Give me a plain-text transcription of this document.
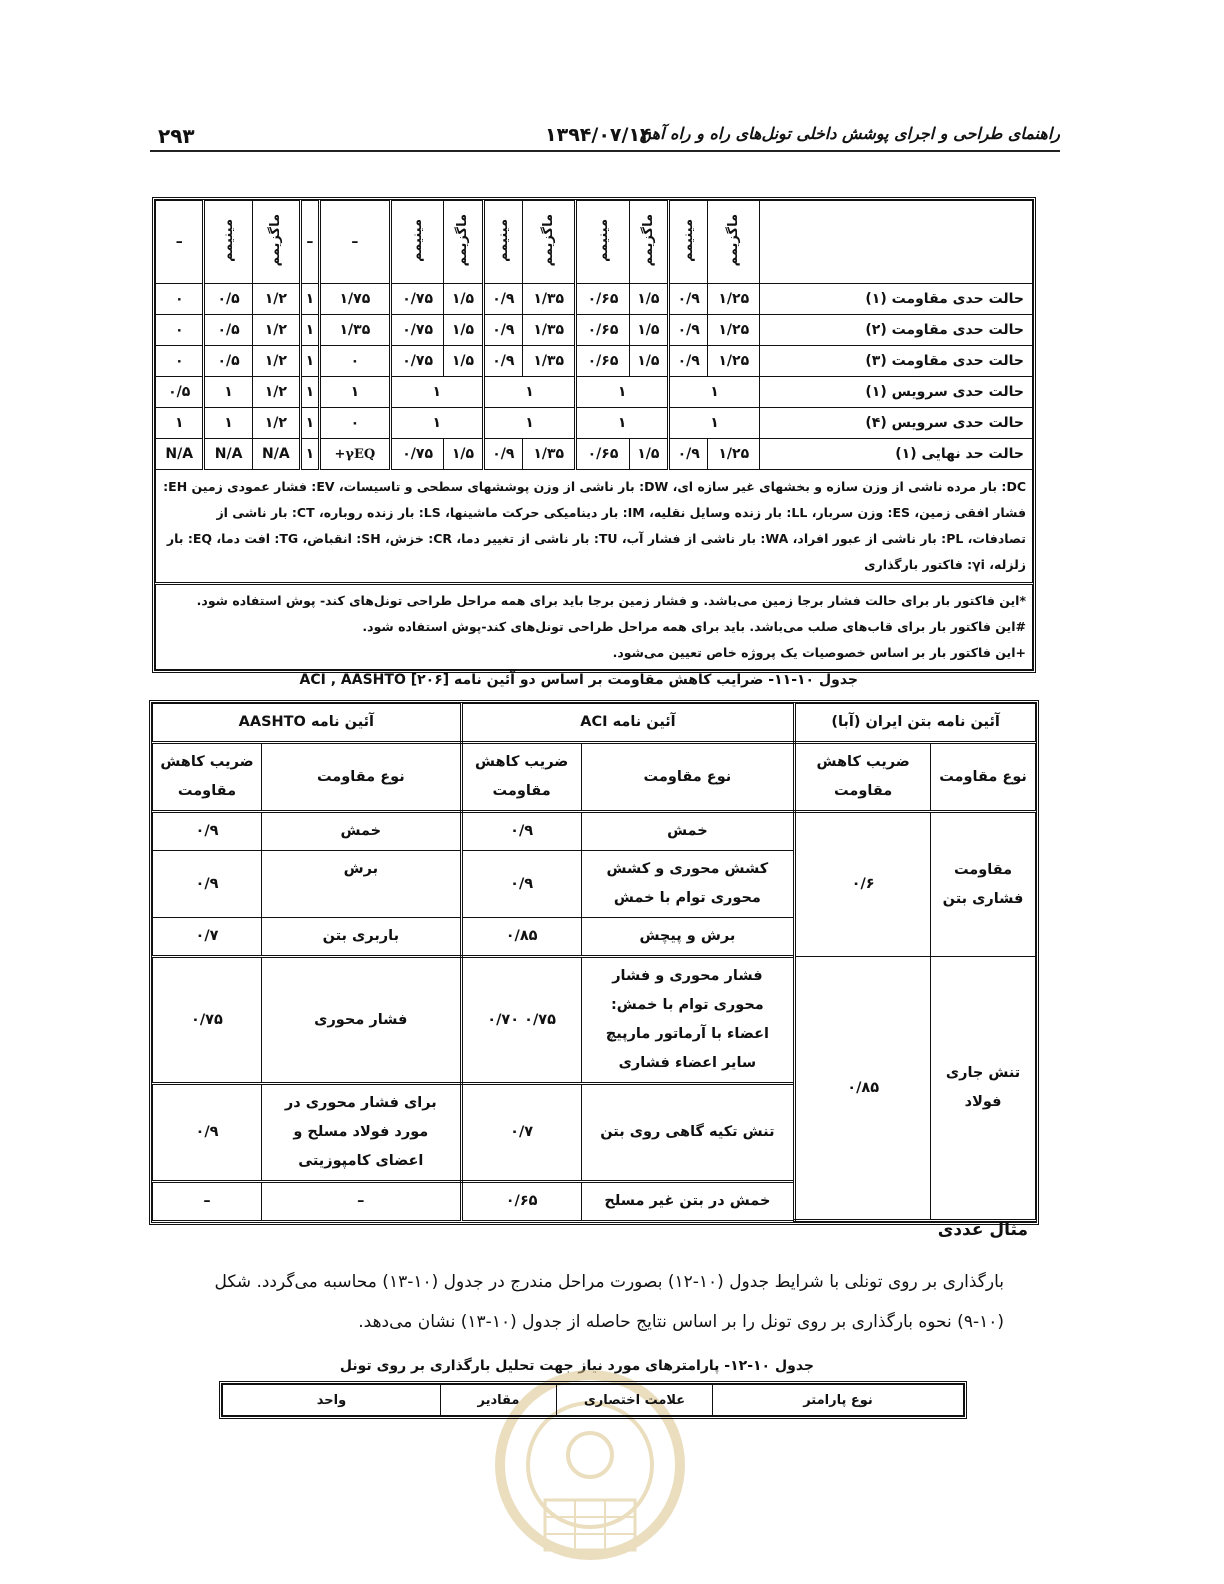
۲۹۳	۱۳۹۴/۰۷/۱۴
راهنمای طراحی و اجرای پوشش داخلی تونل‌های راه و راه آهن
	ماگزیمم	مینیمم	ماگزیمم	مینیمم	ماگزیمم	مینیمم	ماگزیمم	مینیمم	–	–	ماگزیمم	مینیمم	–
حالت حدی مقاومت (۱)	۱/۲۵	۰/۹	۱/۵	۰/۶۵	۱/۳۵	۰/۹	۱/۵	۰/۷۵	۱/۷۵	۱	۱/۲	۰/۵	۰
حالت حدی مقاومت (۲)	۱/۲۵	۰/۹	۱/۵	۰/۶۵	۱/۳۵	۰/۹	۱/۵	۰/۷۵	۱/۳۵	۱	۱/۲	۰/۵	۰
حالت حدی مقاومت (۳)	۱/۲۵	۰/۹	۱/۵	۰/۶۵	۱/۳۵	۰/۹	۱/۵	۰/۷۵	۰	۱	۱/۲	۰/۵	۰
حالت حدی سرویس (۱)	۱		۱		۱		۱		۱	۱	۱/۲	۱	۰/۵
حالت حدی سرویس (۴)	۱		۱		۱		۱		۰	۱	۱/۲	۱	۱
حالت حد نهایی (۱)	۱/۲۵	۰/۹	۱/۵	۰/۶۵	۱/۳۵	۰/۹	۱/۵	۰/۷۵	γEQ+	۱	N/A	N/A	N/A
DC: بار مرده ناشی از وزن سازه و بخشهای غیر سازه ای، DW: بار ناشی از وزن پوششهای سطحی و تاسیسات، EV: فشار عمودی زمین EH: فشار افقی زمین، ES: وزن سربار، LL: بار زنده وسایل نقلیه، IM: بار دینامیکی حرکت ماشینها، LS: بار زنده روباره، CT: بار ناشی از تصادفات، PL: بار ناشی از عبور افراد، WA: بار ناشی از فشار آب، TU: بار ناشی از تغییر دما، CR: خزش، SH: انقباض، TG: افت دما، EQ: بار زلزله، γi: فاکتور بارگذاری													

*این فاکتور بار برای حالت فشار برجا زمین می‌باشد. و فشار زمین برجا باید برای همه مراحل طراحی تونل‌های کند- پوش استفاده شود.
#این فاکتور بار برای قاب‌های صلب می‌باشد. باید برای همه مراحل طراحی تونل‌های کند-پوش استفاده شود.
+این فاکتور بار بر اساس خصوصیات یک پروژه خاص تعیین می‌شود.													
جدول ۱۰-۱۱- ضرایب کاهش مقاومت بر اساس دو آئین نامه ACI , AASHTO [۲۰۶]
آئین نامه بتن ایران (آبا)		آئین نامه ACI		آئین نامه AASHTO	
نوع مقاومت	ضریب کاهش مقاومت	نوع مقاومت	ضریب کاهش مقاومت	نوع مقاومت	ضریب کاهش مقاومت
مقاومت فشاری بتن	۰/۶	خمش	۰/۹	خمش	۰/۹
		کشش محوری و کشش محوری توام با خمش	۰/۹	برش	۰/۹
		برش و پیچش	۰/۸۵	باربری بتن	۰/۷
تنش جاری فولاد	۰/۸۵	فشار محوری و فشار محوری توام با خمش: اعضاء با آرماتور مارپیچ سایر اعضاء فشاری	۰/۷۵ ۰/۷۰	فشار محوری	۰/۷۵
		تنش تکیه گاهی روی بتن	۰/۷	برای فشار محوری در مورد فولاد مسلح و اعضای کامپوزیتی	۰/۹
		خمش در بتن غیر مسلح	۰/۶۵	–	–
مثال عددی
بارگذاری بر روی تونلی با شرایط جدول (۱۰-۱۲) بصورت مراحل مندرج در جدول (۱۰-۱۳) محاسبه می‌گردد. شکل (۱۰-۹) نحوه بارگذاری بر روی تونل را بر اساس نتایج حاصله از جدول (۱۰-۱۳) نشان می‌دهد.
جدول ۱۰-۱۲- پارامترهای مورد نیاز جهت تحلیل بارگذاری بر روی تونل
نوع پارامتر	علامت اختصاری	مقادیر	واحد
